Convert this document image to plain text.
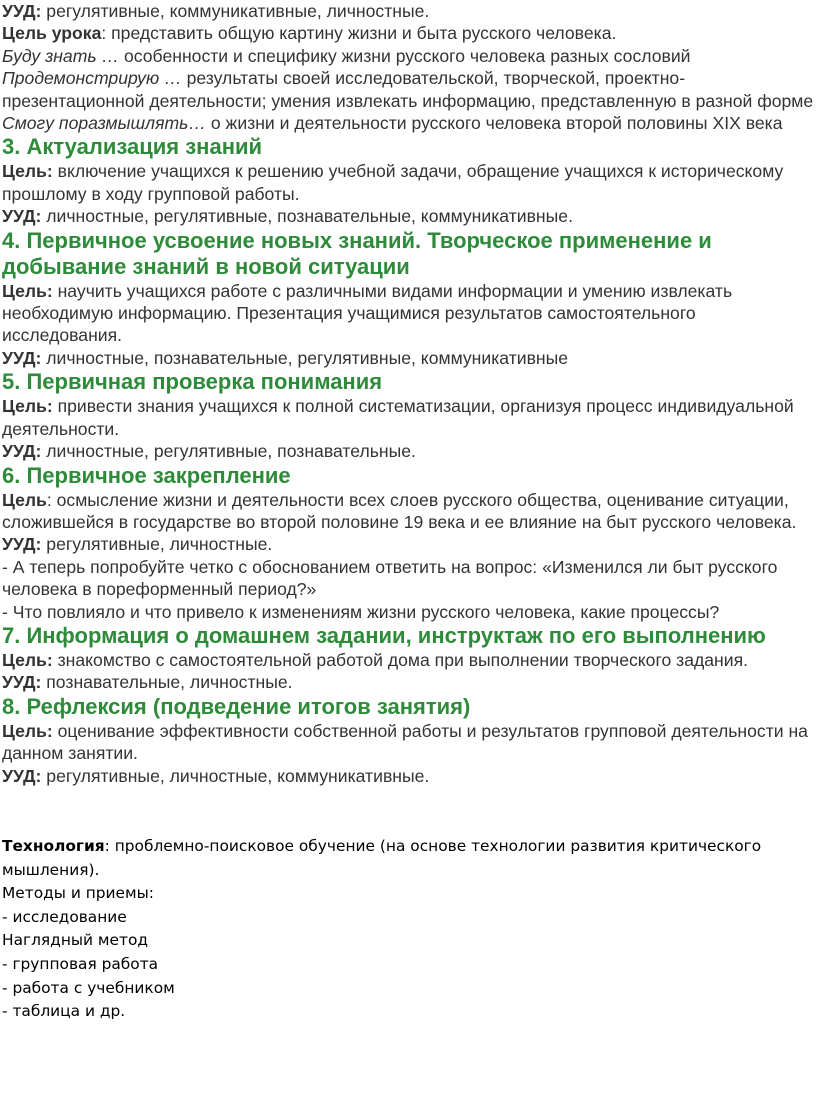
УУД: регулятивные, коммуникативные, личностные.
Цель урока: представить общую картину жизни и быта русского человека.
Буду знать … особенности и специфику жизни русского человека разных сословий
Продемонстрирую … результаты своей исследовательской, творческой, проектно-презентационной деятельности; умения извлекать информацию, представленную в разной форме
Смогу поразмышлять… о жизни и деятельности русского человека второй половины XIX века
3. Актуализация знаний
Цель: включение учащихся к решению учебной задачи, обращение учащихся к историческому прошлому в ходу групповой работы.
УУД: личностные, регулятивные, познавательные, коммуникативные.
4. Первичное усвоение новых знаний. Творческое применение и добывание знаний в новой ситуации
Цель: научить учащихся работе с различными видами информации и умению извлекать необходимую информацию. Презентация учащимися результатов самостоятельного исследования.
УУД: личностные, познавательные, регулятивные, коммуникативные
5. Первичная проверка понимания
Цель: привести знания учащихся к полной систематизации, организуя процесс индивидуальной деятельности.
УУД: личностные, регулятивные, познавательные.
6. Первичное закрепление
Цель: осмысление жизни и деятельности всех слоев русского общества, оценивание ситуации, сложившейся в государстве во второй половине 19 века и ее влияние на быт русского человека.
УУД: регулятивные, личностные.
- А теперь попробуйте четко с обоснованием ответить на вопрос: «Изменился ли быт русского человека в пореформенный период?»
- Что повлияло и что привело к изменениям жизни русского человека, какие процессы?
7. Информация о домашнем задании, инструктаж по его выполнению
Цель: знакомство с самостоятельной работой дома при выполнении творческого задания.
УУД: познавательные, личностные.
8. Рефлексия (подведение итогов занятия)
Цель: оценивание эффективности собственной работы и результатов групповой деятельности на данном занятии.
УУД: регулятивные, личностные, коммуникативные.
Технология: проблемно-поисковое обучение (на основе технологии развития критического мышления).
Методы и приемы:
- исследование
Наглядный метод
- групповая работа
- работа с учебником
- таблица и др.
